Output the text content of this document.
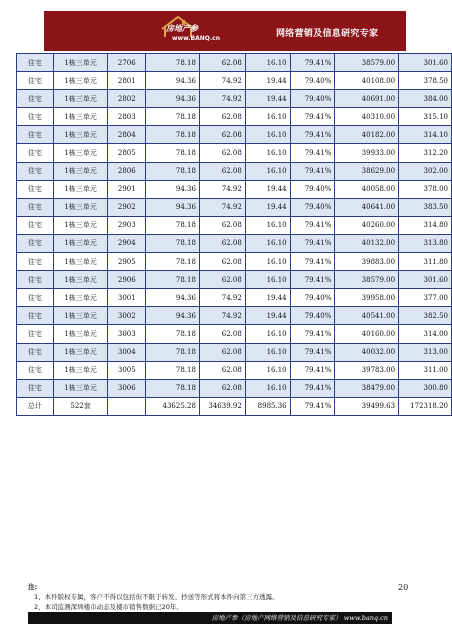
房地产参
网络营销及信息研究专家
www.BANQ.cn
住宅	1栋三单元	2706	78.18	62.08	16.10	79.41%	38579.00	301.60
住宅	1栋三单元	2801	94.36	74.92	19.44	79.40%	40108.00	378.50
住宅	1栋三单元	2802	94.36	74.92	19.44	79.40%	40691.00	384.00
住宅	1栋三单元	2803	78.18	62.08	16.10	79.41%	40310.00	315.10
住宅	1栋三单元	2804	78.18	62.08	16.10	79.41%	40182.00	314.10
住宅	1栋三单元	2805	78.18	62.08	16.10	79.41%	39933.00	312.20
住宅	1栋三单元	2806	78.18	62.08	16.10	79.41%	38629.00	302.00
住宅	1栋三单元	2901	94.36	74.92	19.44	79.40%	40058.00	378.00
住宅	1栋三单元	2902	94.36	74.92	19.44	79.40%	40641.00	383.50
住宅	1栋三单元	2903	78.18	62.08	16.10	79.41%	40260.00	314.80
住宅	1栋三单元	2904	78.18	62.08	16.10	79.41%	40132.00	313.80
住宅	1栋三单元	2905	78.18	62.08	16.10	79.41%	39883.00	311.80
住宅	1栋三单元	2906	78.18	62.08	16.10	79.41%	38579.00	301.60
住宅	1栋三单元	3001	94.36	74.92	19.44	79.40%	39958.00	377.00
住宅	1栋三单元	3002	94.36	74.92	19.44	79.40%	40541.00	382.50
住宅	1栋三单元	3003	78.18	62.08	16.10	79.41%	40160.00	314.00
住宅	1栋三单元	3004	78.18	62.08	16.10	79.41%	40032.00	313.00
住宅	1栋三单元	3005	78.18	62.08	16.10	79.41%	39783.00	311.00
住宅	1栋三单元	3006	78.18	62.08	16.10	79.41%	38479.00	300.80
总计	522套		43625.28	34639.92	8985.36	79.41%	39499.63	172318.20
注:
1、本件版权专属，客户不得以包括但不限于转发、抄送等形式将本件向第三方透露。
2、本司监测深圳楼市动态及楼市销售数据已20年。
20
房地产参（房地产网络营销及信息研究专家） www.banq.cn
